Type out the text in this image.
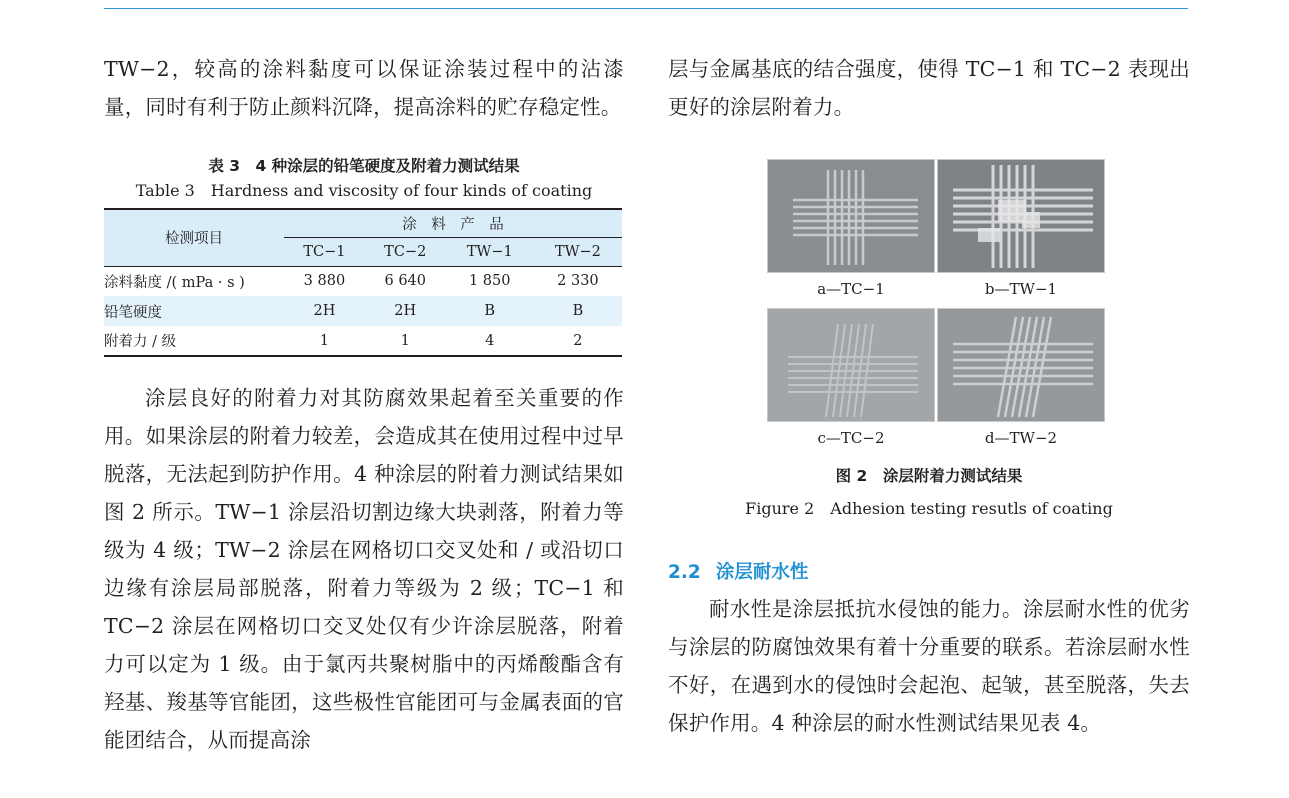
TW−2，较高的涂料黏度可以保证涂装过程中的沾漆量，同时有利于防止颜料沉降，提高涂料的贮存稳定性。

表 3　4 种涂层的铅笔硬度及附着力测试结果

Table 3　Hardness and viscosity of four kinds of coating

检测项目	涂　料　产　品			
	TC−1	TC−2	TW−1	TW−2
涂料黏度 /( mPa · s )	3 880	6 640	1 850	2 330
铅笔硬度	2H	2H	B	B
附着力 / 级	1	1	4	2

涂层良好的附着力对其防腐效果起着至关重要的作用。如果涂层的附着力较差，会造成其在使用过程中过早脱落，无法起到防护作用。4 种涂层的附着力测试结果如图 2 所示。TW−1 涂层沿切割边缘大块剥落，附着力等级为 4 级；TW−2 涂层在网格切口交叉处和 / 或沿切口边缘有涂层局部脱落，附着力等级为 2 级；TC−1 和 TC−2 涂层在网格切口交叉处仅有少许涂层脱落，附着力可以定为 1 级。由于氯丙共聚树脂中的丙烯酸酯含有羟基、羧基等官能团，这些极性官能团可与金属表面的官能团结合，从而提高涂

层与金属基底的结合强度，使得 TC−1 和 TC−2 表现出更好的涂层附着力。

a—TC−1	b—TW−1
c—TC−2	d—TW−2

图 2　涂层附着力测试结果

Figure 2　Adhesion testing resutls of coating

2.2 涂层耐水性

耐水性是涂层抵抗水侵蚀的能力。涂层耐水性的优劣与涂层的防腐蚀效果有着十分重要的联系。若涂层耐水性不好，在遇到水的侵蚀时会起泡、起皱，甚至脱落，失去保护作用。4 种涂层的耐水性测试结果见表 4。
